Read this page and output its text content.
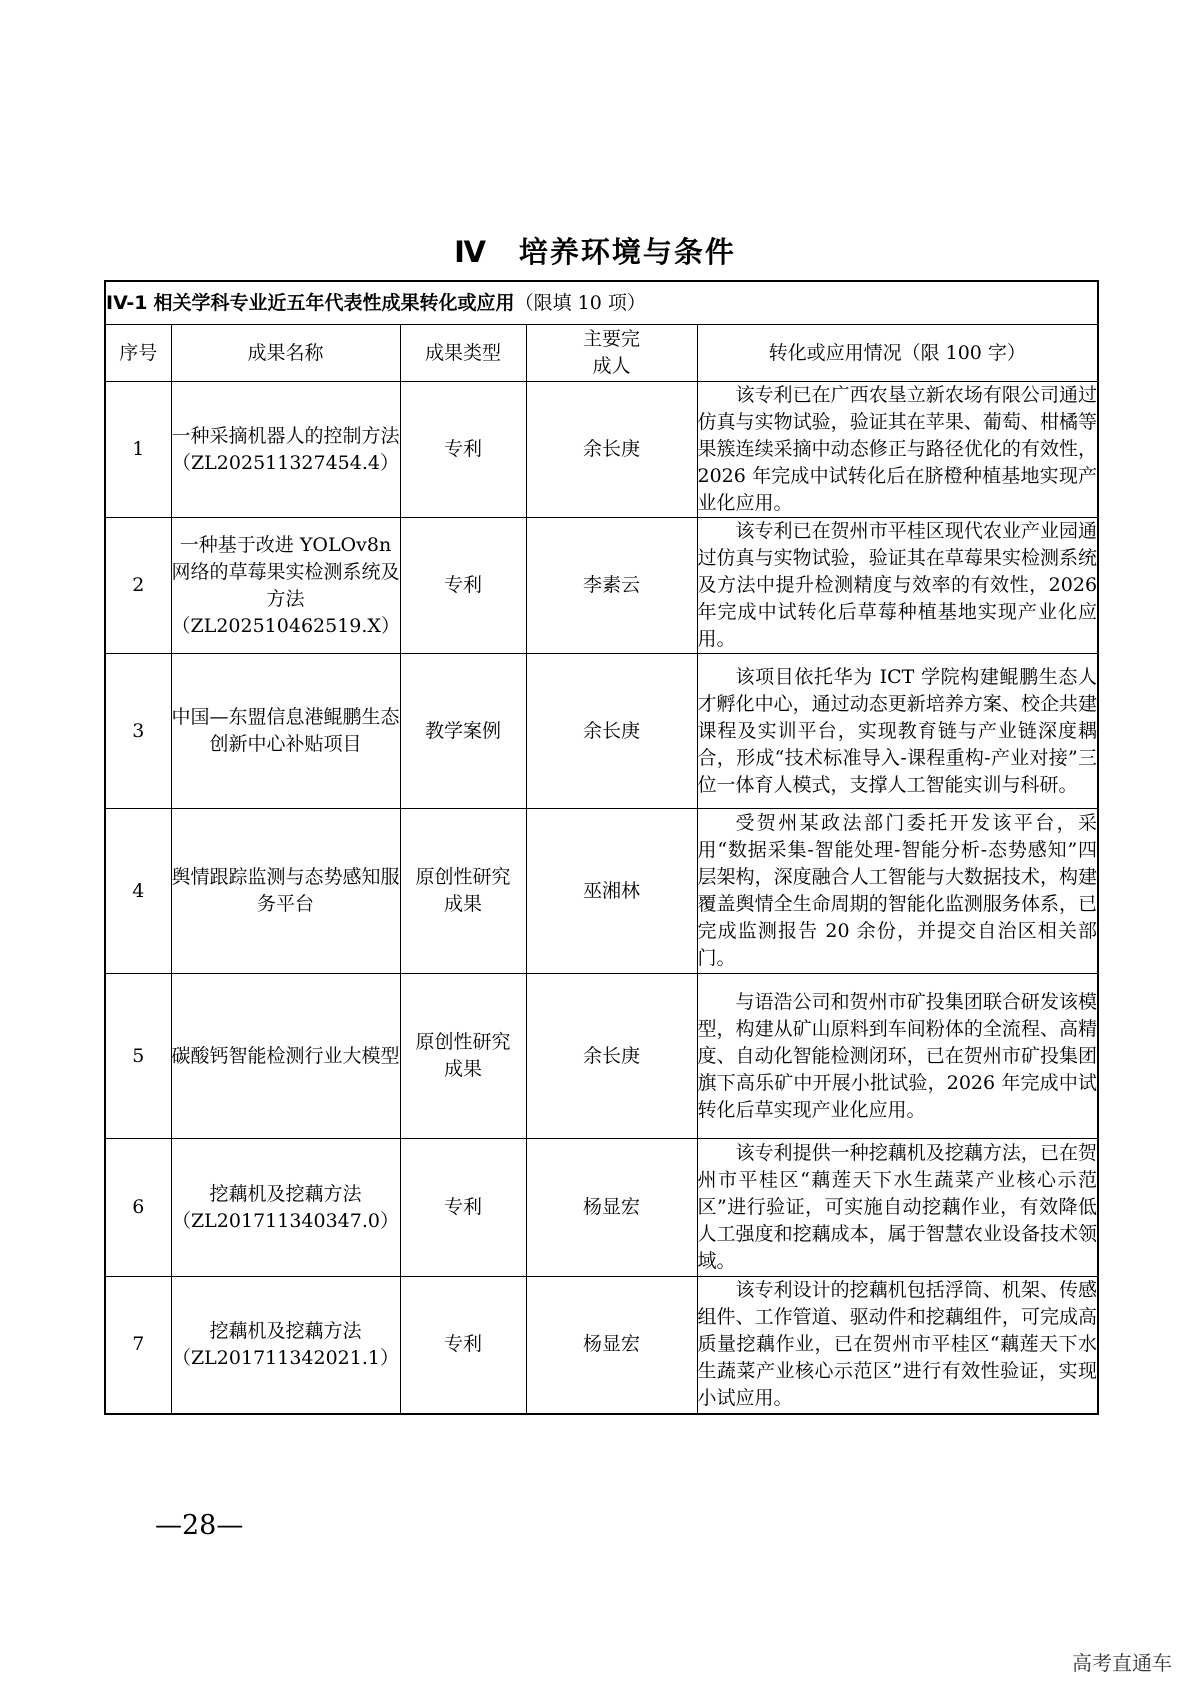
Ⅳ　培养环境与条件
IV-1 相关学科专业近五年代表性成果转化或应用（限填 10 项）				
序号	成果名称	成果类型	主要完成人	转化或应用情况（限 100 字）
1	一种采摘机器人的控制方法（ZL202511327454.4）	专利	余长庚	该专利已在广西农垦立新农场有限公司通过仿真与实物试验，验证其在苹果、葡萄、柑橘等果簇连续采摘中动态修正与路径优化的有效性，2026 年完成中试转化后在脐橙种植基地实现产业化应用。
2	一种基于改进 YOLOv8n 网络的草莓果实检测系统及方法（ZL202510462519.X）	专利	李素云	该专利已在贺州市平桂区现代农业产业园通过仿真与实物试验，验证其在草莓果实检测系统及方法中提升检测精度与效率的有效性，2026 年完成中试转化后草莓种植基地实现产业化应用。
3	中国—东盟信息港鲲鹏生态创新中心补贴项目	教学案例	余长庚	该项目依托华为 ICT 学院构建鲲鹏生态人才孵化中心，通过动态更新培养方案、校企共建课程及实训平台，实现教育链与产业链深度耦合，形成“技术标准导入-课程重构-产业对接”三位一体育人模式，支撑人工智能实训与科研。
4	舆情跟踪监测与态势感知服务平台	原创性研究成果	巫湘林	受贺州某政法部门委托开发该平台，采用“数据采集-智能处理-智能分析-态势感知”四层架构，深度融合人工智能与大数据技术，构建覆盖舆情全生命周期的智能化监测服务体系，已完成监测报告 20 余份，并提交自治区相关部门。
5	碳酸钙智能检测行业大模型	原创性研究成果	余长庚	与语浩公司和贺州市矿投集团联合研发该模型，构建从矿山原料到车间粉体的全流程、高精度、自动化智能检测闭环，已在贺州市矿投集团旗下高乐矿中开展小批试验，2026 年完成中试转化后草实现产业化应用。
6	挖藕机及挖藕方法（ZL201711340347.0）	专利	杨显宏	该专利提供一种挖藕机及挖藕方法，已在贺州市平桂区“藕莲天下水生蔬菜产业核心示范区”进行验证，可实施自动挖藕作业，有效降低人工强度和挖藕成本，属于智慧农业设备技术领域。
7	挖藕机及挖藕方法（ZL201711342021.1）	专利	杨显宏	该专利设计的挖藕机包括浮筒、机架、传感组件、工作管道、驱动件和挖藕组件，可完成高质量挖藕作业，已在贺州市平桂区“藕莲天下水生蔬菜产业核心示范区”进行有效性验证，实现小试应用。
—28—
高考直通车
